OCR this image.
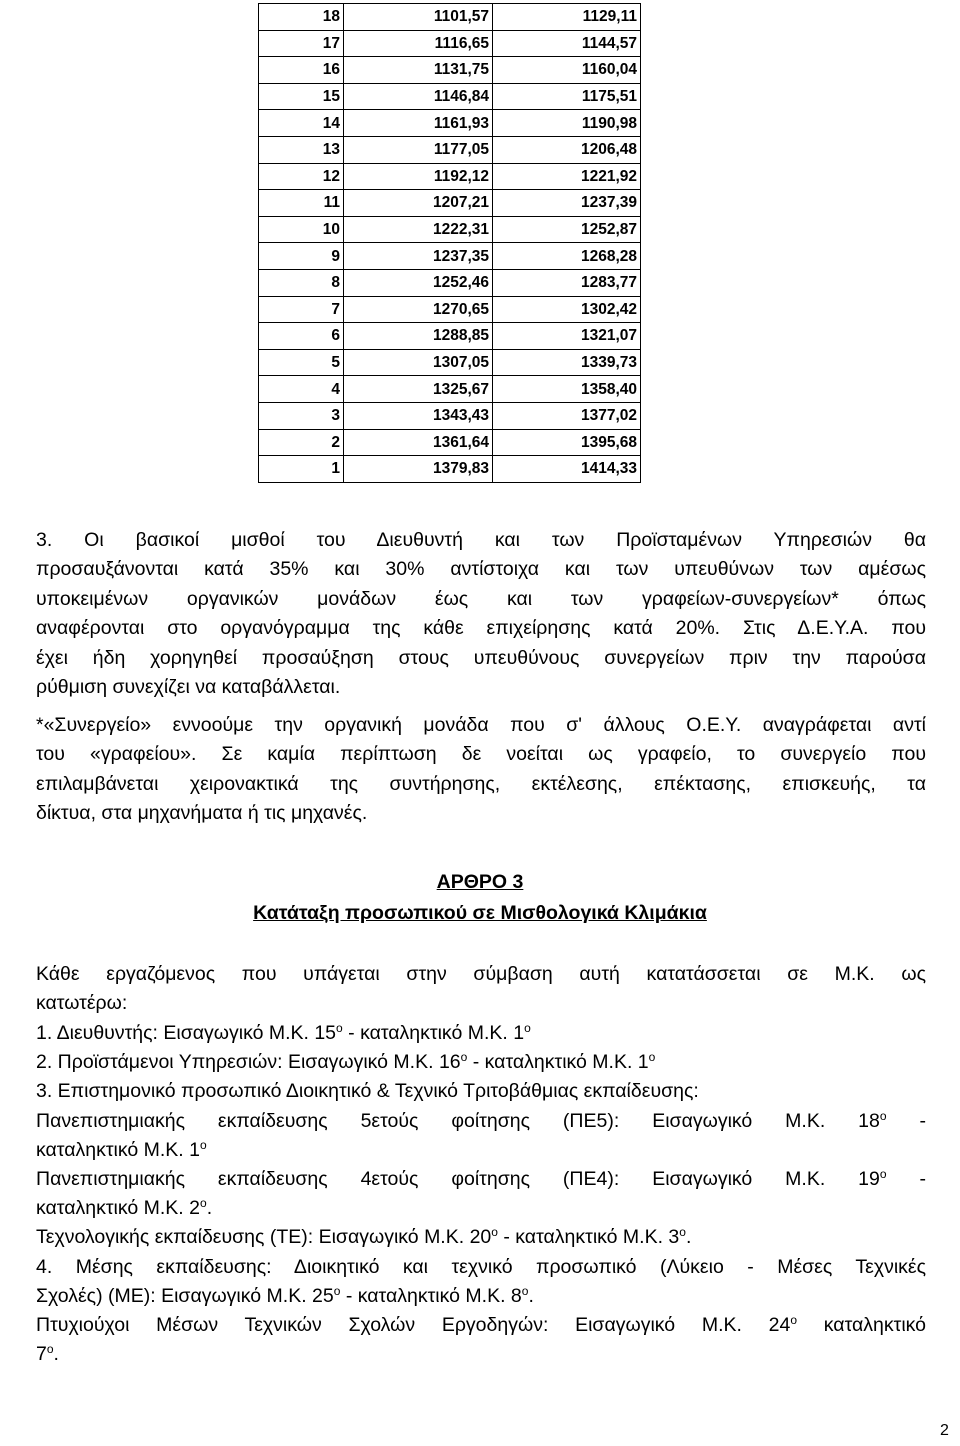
18	1101,57	1129,11
17	1116,65	1144,57
16	1131,75	1160,04
15	1146,84	1175,51
14	1161,93	1190,98
13	1177,05	1206,48
12	1192,12	1221,92
11	1207,21	1237,39
10	1222,31	1252,87
9	1237,35	1268,28
8	1252,46	1283,77
7	1270,65	1302,42
6	1288,85	1321,07
5	1307,05	1339,73
4	1325,67	1358,40
3	1343,43	1377,02
2	1361,64	1395,68
1	1379,83	1414,33
3. Οι βασικοί μισθοί του Διευθυντή και των Προϊσταμένων Υπηρεσιών θα
προσαυξάνονται κατά 35% και 30% αντίστοιχα και των υπευθύνων των αμέσως
υποκειμένων οργανικών μονάδων έως και των γραφείων-συνεργείων* όπως
αναφέρονται στο οργανόγραμμα της κάθε επιχείρησης κατά 20%. Στις Δ.Ε.Υ.Α. που
έχει ήδη χορηγηθεί προσαύξηση στους υπευθύνους συνεργείων πριν την παρούσα
ρύθμιση συνεχίζει να καταβάλλεται.
*«Συνεργείο» εννοούμε την οργανική μονάδα που σ' άλλους Ο.Ε.Υ. αναγράφεται αντί
του «γραφείου». Σε καμία περίπτωση δε νοείται ως γραφείο, το συνεργείο που
επιλαμβάνεται χειρονακτικά της συντήρησης, εκτέλεσης, επέκτασης, επισκευής, τα
δίκτυα, στα μηχανήματα ή τις μηχανές.
ΑΡΘΡΟ 3
Κατάταξη προσωπικού σε Μισθολογικά Κλιμάκια
Κάθε εργαζόμενος που υπάγεται στην σύμβαση αυτή κατατάσσεται σε Μ.Κ. ως
κατωτέρω:
1. Διευθυντής: Εισαγωγικό Μ.Κ. $15^o$ - καταληκτικό Μ.Κ. $1^o$
2. Προϊστάμενοι Υπηρεσιών: Εισαγωγικό Μ.Κ. $16^o$ - καταληκτικό Μ.Κ. $1^o$
3. Επιστημονικό προσωπικό Διοικητικό & Τεχνικό Τριτοβάθμιας εκπαίδευσης:
Πανεπιστημιακής εκπαίδευσης 5ετούς φοίτησης (ΠΕ5): Εισαγωγικό Μ.Κ. $18^o$ -
καταληκτικό Μ.Κ. $1^o$
Πανεπιστημιακής εκπαίδευσης 4ετούς φοίτησης (ΠΕ4): Εισαγωγικό Μ.Κ. $19^o$ -
καταληκτικό Μ.Κ. $2^o$.
Τεχνολογικής εκπαίδευσης (ΤΕ): Εισαγωγικό Μ.Κ. $20^o$ - καταληκτικό Μ.Κ. $3^o$.
4. Μέσης εκπαίδευσης: Διοικητικό και τεχνικό προσωπικό (Λύκειο - Μέσες Τεχνικές
Σχολές) (ΜΕ): Εισαγωγικό Μ.Κ. $25^o$ - καταληκτικό Μ.Κ. $8^o$.
Πτυχιούχοι Μέσων Τεχνικών Σχολών Εργοδηγών: Εισαγωγικό Μ.Κ. $24^o$ καταληκτικό
$7^o$.
2
